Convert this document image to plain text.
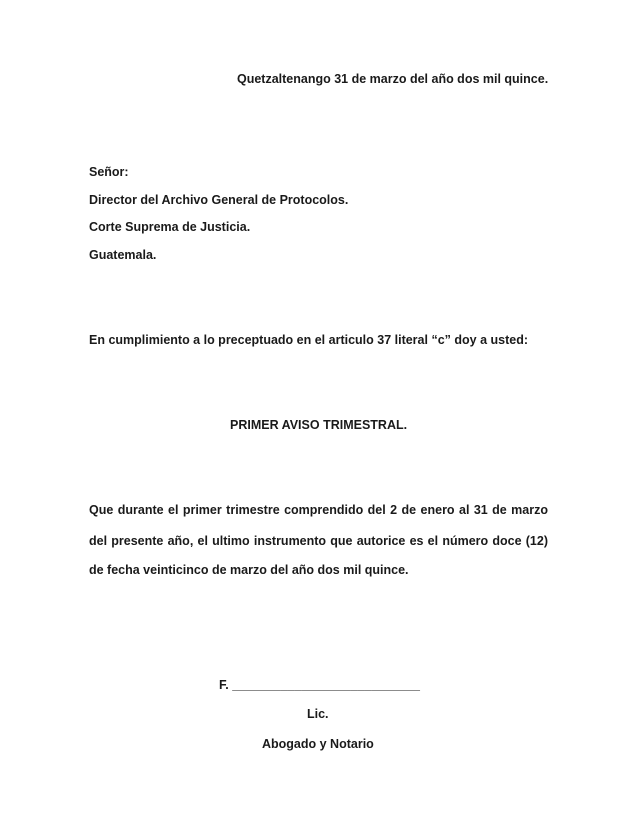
Quetzaltenango 31 de marzo del año dos mil quince.
Señor:
Director del Archivo General de Protocolos.
Corte Suprema de Justicia.
Guatemala.
En cumplimiento a lo preceptuado en el articulo 37 literal “c” doy a usted:
PRIMER AVISO TRIMESTRAL.
Que durante el primer trimestre comprendido del 2 de enero al 31 de marzo
del presente año, el ultimo instrumento que autorice es el número doce (12)
de fecha veinticinco de marzo del año dos mil quince.
F. ___________________________
Lic.
Abogado y Notario
